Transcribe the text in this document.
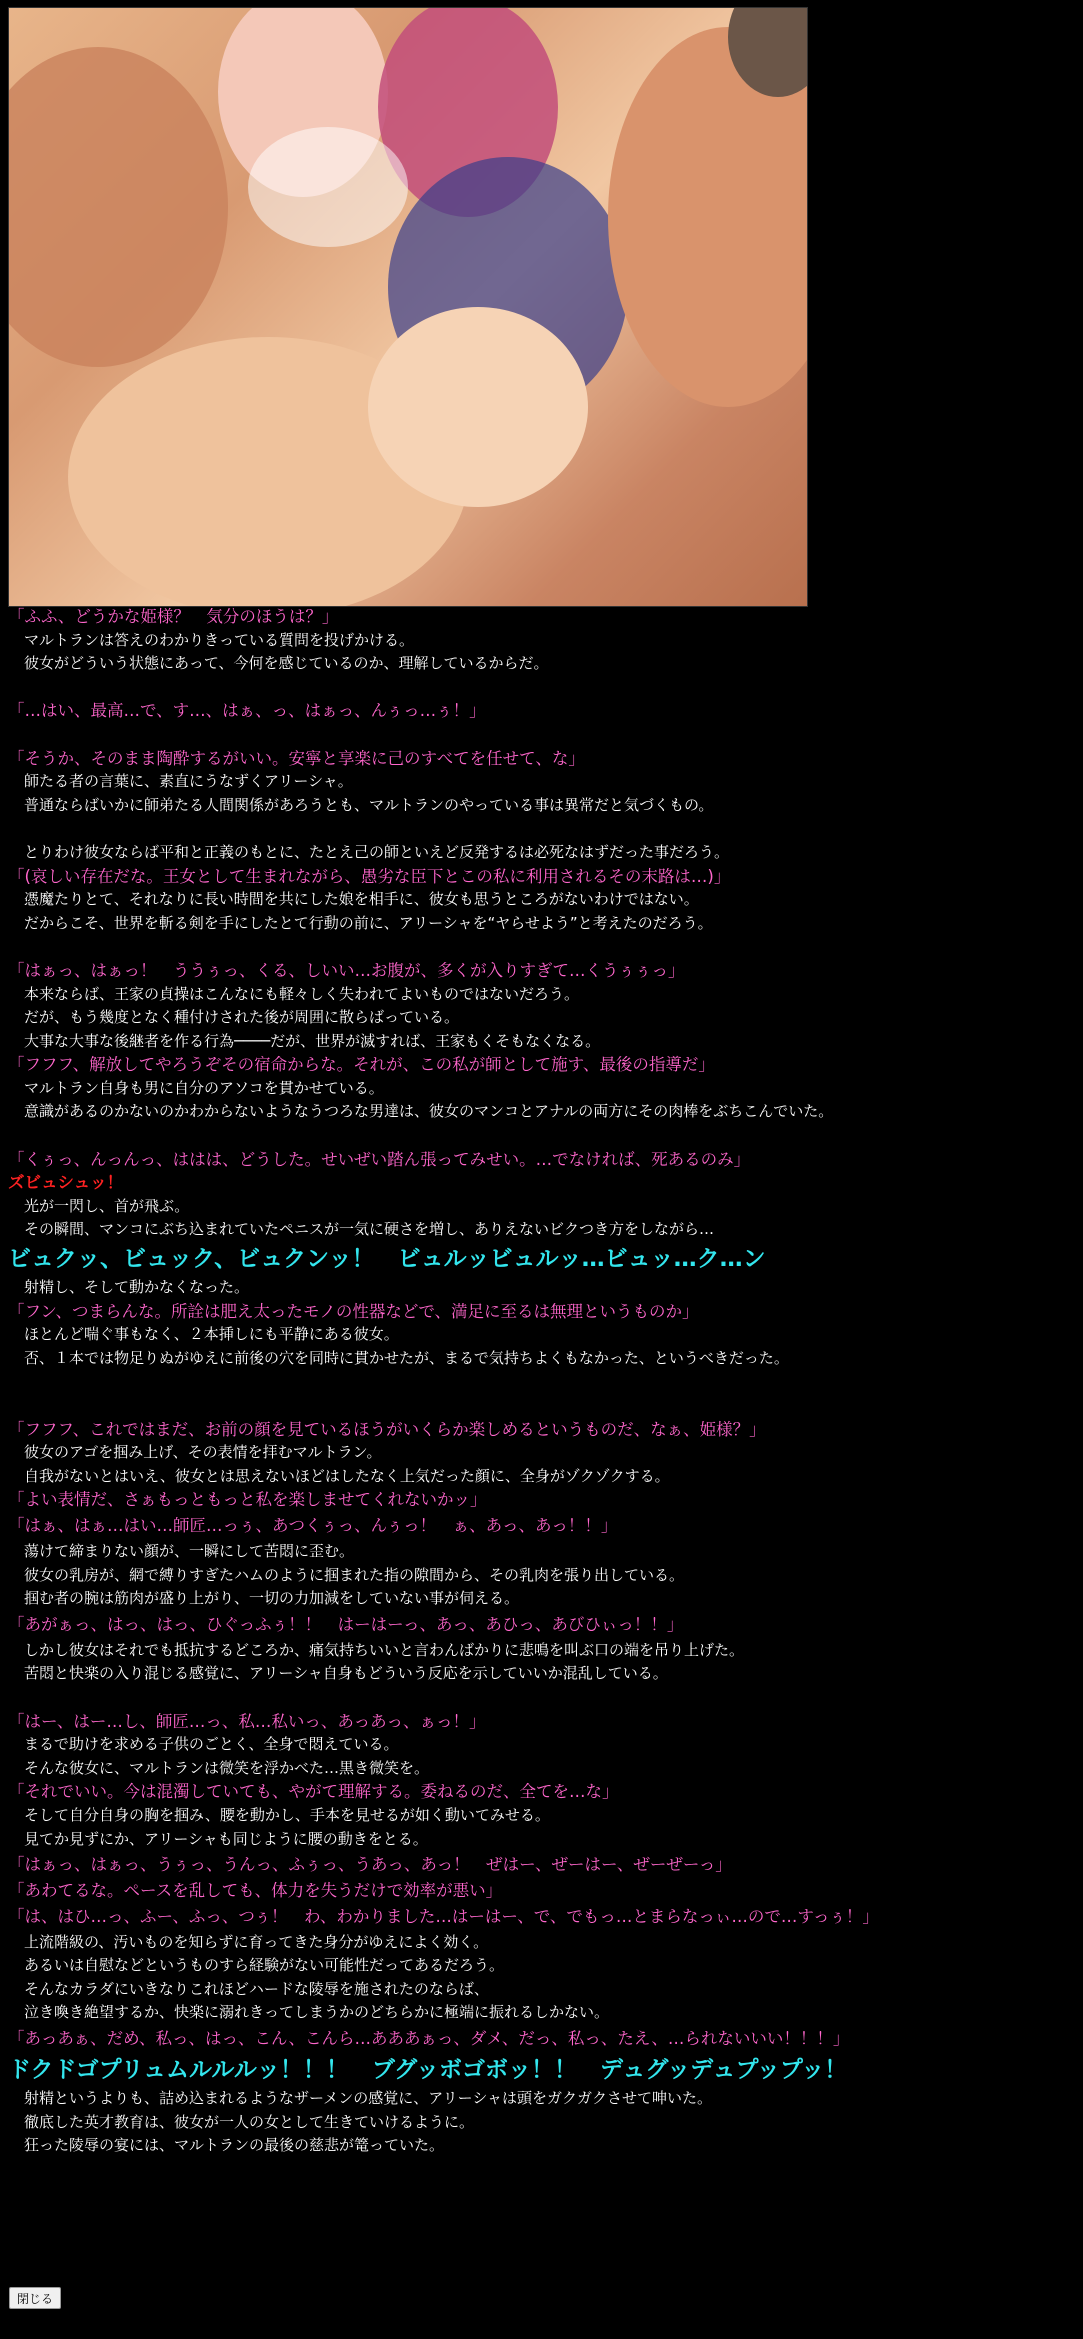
「ふふ、どうかな姫様？　気分のほうは？」
マルトランは答えのわかりきっている質問を投げかける。
彼女がどういう状態にあって、今何を感じているのか、理解しているからだ。
「…はい、最高…で、す…、はぁ、っ、はぁっ、んぅっ…ぅ！」
「そうか、そのまま陶酔するがいい。安寧と享楽に己のすべてを任せて、な」
師たる者の言葉に、素直にうなずくアリーシャ。
普通ならばいかに師弟たる人間関係があろうとも、マルトランのやっている事は異常だと気づくもの。
とりわけ彼女ならば平和と正義のもとに、たとえ己の師といえど反発するは必死なはずだった事だろう。
「(哀しい存在だな。王女として生まれながら、愚劣な臣下とこの私に利用されるその末路は…)」
憑魔たりとて、それなりに長い時間を共にした娘を相手に、彼女も思うところがないわけではない。
だからこそ、世界を斬る剣を手にしたとて行動の前に、アリーシャを“ヤらせよう”と考えたのだろう。
「はぁっ、はぁっ！　ううぅっ、くる、しいい…お腹が、多くが入りすぎて…くうぅぅっ」
本来ならば、王家の貞操はこんなにも軽々しく失われてよいものではないだろう。
だが、もう幾度となく種付けされた後が周囲に散らばっている。
大事な大事な後継者を作る行為────だが、世界が滅すれば、王家もくそもなくなる。
「フフフ、解放してやろうぞその宿命からな。それが、この私が師として施す、最後の指導だ」
マルトラン自身も男に自分のアソコを貫かせている。
意識があるのかないのかわからないようなうつろな男達は、彼女のマンコとアナルの両方にその肉棒をぶちこんでいた。
「くぅっ、んっんっ、ははは、どうした。せいぜい踏ん張ってみせい。…でなければ、死あるのみ」
ズビュシュッ！
光が一閃し、首が飛ぶ。
その瞬間、マンコにぶち込まれていたペニスが一気に硬さを増し、ありえないビクつき方をしながら…
ビュクッ、ビュック、ビュクンッ！　ビュルッビュルッ…ビュッ…ク…ン
射精し、そして動かなくなった。
「フン、つまらんな。所詮は肥え太ったモノの性器などで、満足に至るは無理というものか」
ほとんど喘ぐ事もなく、２本挿しにも平静にある彼女。
否、１本では物足りぬがゆえに前後の穴を同時に貫かせたが、まるで気持ちよくもなかった、というべきだった。
「フフフ、これではまだ、お前の顔を見ているほうがいくらか楽しめるというものだ、なぁ、姫様？」
彼女のアゴを掴み上げ、その表情を拝むマルトラン。
自我がないとはいえ、彼女とは思えないほどはしたなく上気だった顔に、全身がゾクゾクする。
「よい表情だ、さぁもっともっと私を楽しませてくれないかッ」
「はぁ、はぁ…はい…師匠…っぅ、あつくぅっ、んぅっ！　ぁ、あっ、あっ！！」
蕩けて締まりない顔が、一瞬にして苦悶に歪む。
彼女の乳房が、網で縛りすぎたハムのように掴まれた指の隙間から、その乳肉を張り出している。
掴む者の腕は筋肉が盛り上がり、一切の力加減をしていない事が伺える。
「あがぁっ、はっ、はっ、ひぐっふぅ！！　はーはーっ、あっ、あひっ、あびひぃっ！！」
しかし彼女はそれでも抵抗するどころか、痛気持ちいいと言わんばかりに悲鳴を叫ぶ口の端を吊り上げた。
苦悶と快楽の入り混じる感覚に、アリーシャ自身もどういう反応を示していいか混乱している。
「はー、はー…し、師匠…っ、私…私いっ、あっあっ、ぁっ！」
まるで助けを求める子供のごとく、全身で悶えている。
そんな彼女に、マルトランは微笑を浮かべた…黒き微笑を。
「それでいい。今は混濁していても、やがて理解する。委ねるのだ、全てを…な」
そして自分自身の胸を掴み、腰を動かし、手本を見せるが如く動いてみせる。
見てか見ずにか、アリーシャも同じように腰の動きをとる。
「はぁっ、はぁっ、うぅっ、うんっ、ふぅっ、うあっ、あっ！　ぜはー、ぜーはー、ぜーぜーっ」
「あわてるな。ペースを乱しても、体力を失うだけで効率が悪い」
「は、はひ…っ、ふー、ふっ、つぅ！　わ、わかりました…はーはー、で、でもっ…とまらなっぃ…ので…すっぅ！」
上流階級の、汚いものを知らずに育ってきた身分がゆえによく効く。
あるいは自慰などというものすら経験がない可能性だってあるだろう。
そんなカラダにいきなりこれほどハードな陵辱を施されたのならば、
泣き喚き絶望するか、快楽に溺れきってしまうかのどちらかに極端に振れるしかない。
「あっあぁ、だめ、私っ、はっ、こん、こんら…あああぁっ、ダメ、だっ、私っ、たえ、…られないいい！！！」
ドクドゴプリュムルルルッ！！！　ブグッボゴボッ！！　デュグッデュプップッ！
射精というよりも、詰め込まれるようなザーメンの感覚に、アリーシャは頭をガクガクさせて呻いた。
徹底した英才教育は、彼女が一人の女として生きていけるように。
狂った陵辱の宴には、マルトランの最後の慈悲が篭っていた。
閉じる
